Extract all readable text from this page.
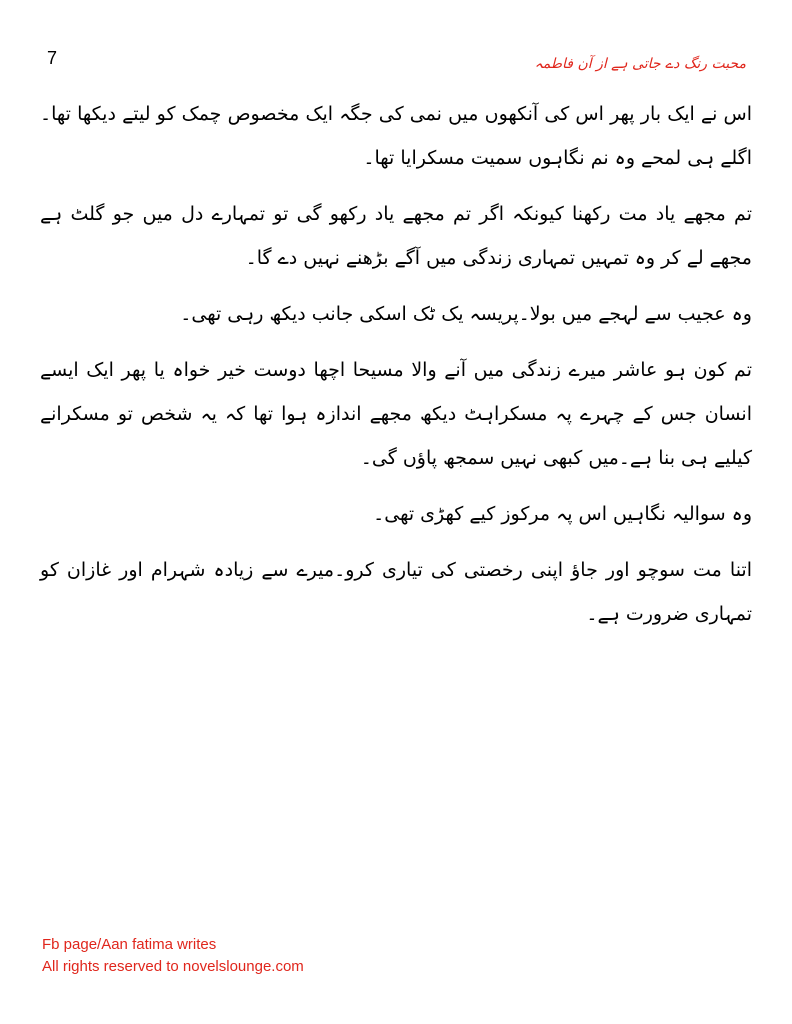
7	محبت رنگ دے جاتی ہے از آن فاطمہ

اس نے ایک بار پھر اس کی آنکھوں میں نمی کی جگہ ایک مخصوص چمک کو لیتے دیکھا تھا۔اگلے ہی لمحے وہ نم نگاہوں سمیت مسکرایا تھا۔

تم مجھے یاد مت رکھنا کیونکہ اگر تم مجھے یاد رکھو گی تو تمہارے دل میں جو گلٹ ہے مجھے لے کر وہ تمہیں تمہاری زندگی میں آگے بڑھنے نہیں دے گا۔

وہ عجیب سے لہجے میں بولا۔پریسہ یک ٹک اسکی جانب دیکھ رہی تھی۔

تم کون ہو عاشر میرے زندگی میں آنے والا مسیحا اچھا دوست خیر خواہ یا پھر ایک ایسے انسان جس کے چہرے پہ مسکراہٹ دیکھ مجھے اندازہ ہوا تھا کہ یہ شخص تو مسکرانے کیلیے ہی بنا ہے۔میں کبھی نہیں سمجھ پاؤں گی۔

وہ سوالیہ نگاہیں اس پہ مرکوز کیے کھڑی تھی۔

اتنا مت سوچو اور جاؤ اپنی رخصتی کی تیاری کرو۔میرے سے زیادہ شہرام اور غازان کو تمہاری ضرورت ہے۔

Fb page/Aan fatima writes
All rights reserved to novelslounge.com
